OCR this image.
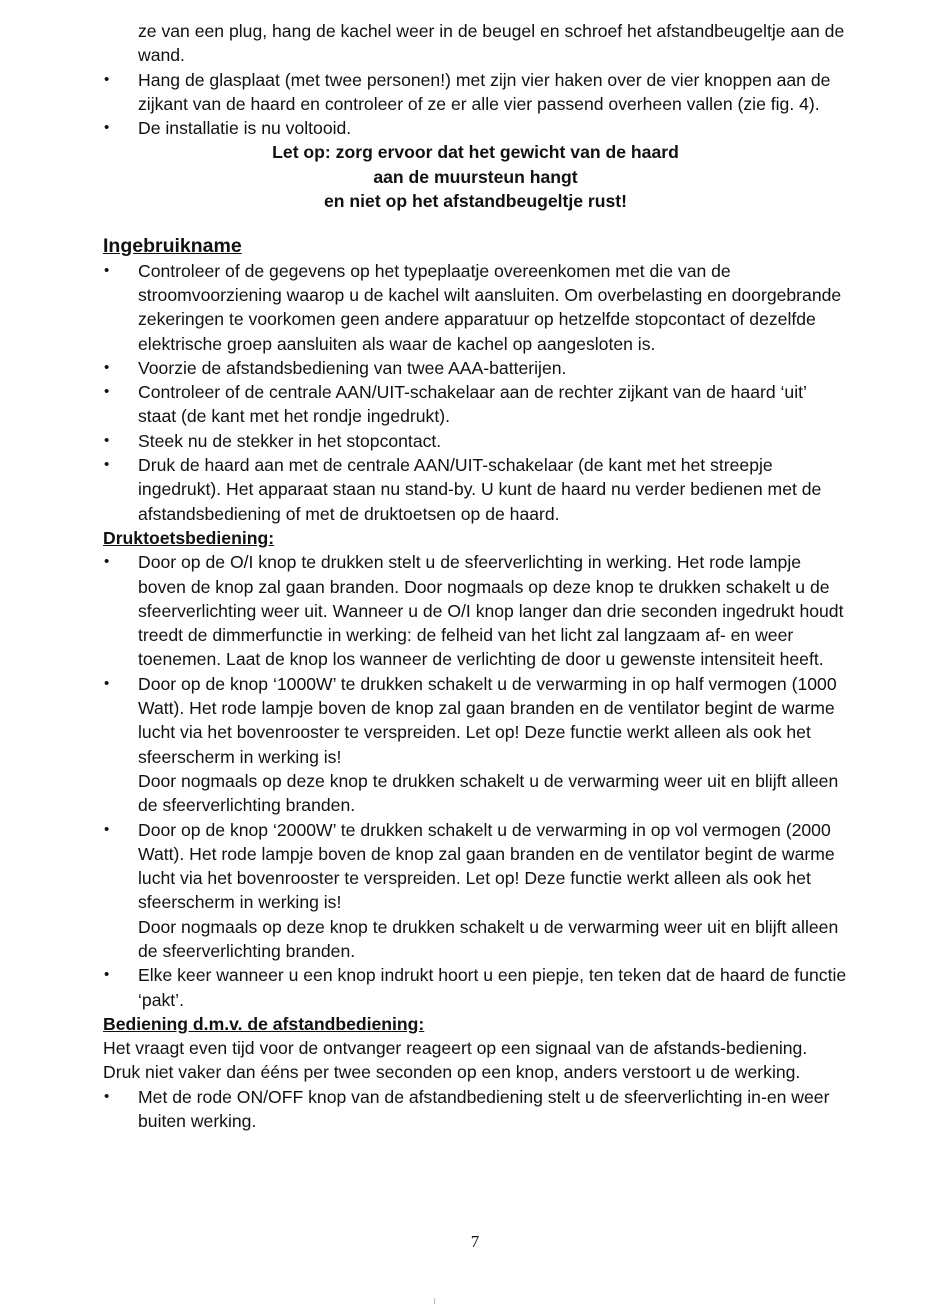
ze van een plug, hang de kachel weer in de beugel en schroef het afstandbeugeltje aan de wand.

• Hang de glasplaat (met twee personen!) met zijn vier haken over de vier knoppen aan de zijkant van de haard en controleer of ze er alle vier passend overheen vallen (zie fig. 4).

• De installatie is nu voltooid.

Let op: zorg ervoor dat het gewicht van de haard

aan de muursteun hangt

en niet op het afstandbeugeltje rust!

Ingebruikname

• Controleer of de gegevens op het typeplaatje overeenkomen met die van de stroomvoorziening waarop u de kachel wilt aansluiten. Om overbelasting en doorgebrande zekeringen te voorkomen geen andere apparatuur op hetzelfde stopcontact of dezelfde elektrische groep aansluiten als waar de kachel op aangesloten is.

• Voorzie de afstandsbediening van twee AAA-batterijen.

• Controleer of de centrale AAN/UIT-schakelaar aan de rechter zijkant van de haard ‘uit’ staat (de kant met het rondje ingedrukt).

• Steek nu de stekker in het stopcontact.

• Druk de haard aan met de centrale AAN/UIT-schakelaar (de kant met het streepje ingedrukt). Het apparaat staan nu stand-by. U kunt de haard nu verder bedienen met de afstandsbediening of met de druktoetsen op de haard.

Druktoetsbediening:

• Door op de O/I knop te drukken stelt u de sfeerverlichting in werking. Het rode lampje boven de knop zal gaan branden. Door nogmaals op deze knop te drukken schakelt u de sfeerverlichting weer uit. Wanneer u de O/I knop langer dan drie seconden ingedrukt houdt treedt de dimmerfunctie in werking: de felheid van het licht zal langzaam af- en weer toenemen. Laat de knop los wanneer de verlichting de door u gewenste intensiteit heeft.

• Door op de knop ‘1000W’ te drukken schakelt u de verwarming in op half vermogen (1000 Watt). Het rode lampje boven de knop zal gaan branden en de ventilator begint de warme lucht via het bovenrooster te verspreiden. Let op! Deze functie werkt alleen als ook het sfeerscherm in werking is!

Door nogmaals op deze knop te drukken schakelt u de verwarming weer uit en blijft alleen de sfeerverlichting branden.

• Door op de knop ‘2000W’ te drukken schakelt u de verwarming in op vol vermogen (2000 Watt). Het rode lampje boven de knop zal gaan branden en de ventilator begint de warme lucht via het bovenrooster te verspreiden. Let op! Deze functie werkt alleen als ook het sfeerscherm in werking is!

Door nogmaals op deze knop te drukken schakelt u de verwarming weer uit en blijft alleen de sfeerverlichting branden.

• Elke keer wanneer u een knop indrukt hoort u een piepje, ten teken dat de haard de functie ‘pakt’.

Bediening d.m.v. de afstandbediening:

Het vraagt even tijd voor de ontvanger reageert op een signaal van de afstands-bediening. Druk niet vaker dan ééns per twee seconden op een knop, anders verstoort u de werking.

• Met de rode ON/OFF knop van de afstandbediening stelt u de sfeerverlichting in-en weer buiten werking.

7
